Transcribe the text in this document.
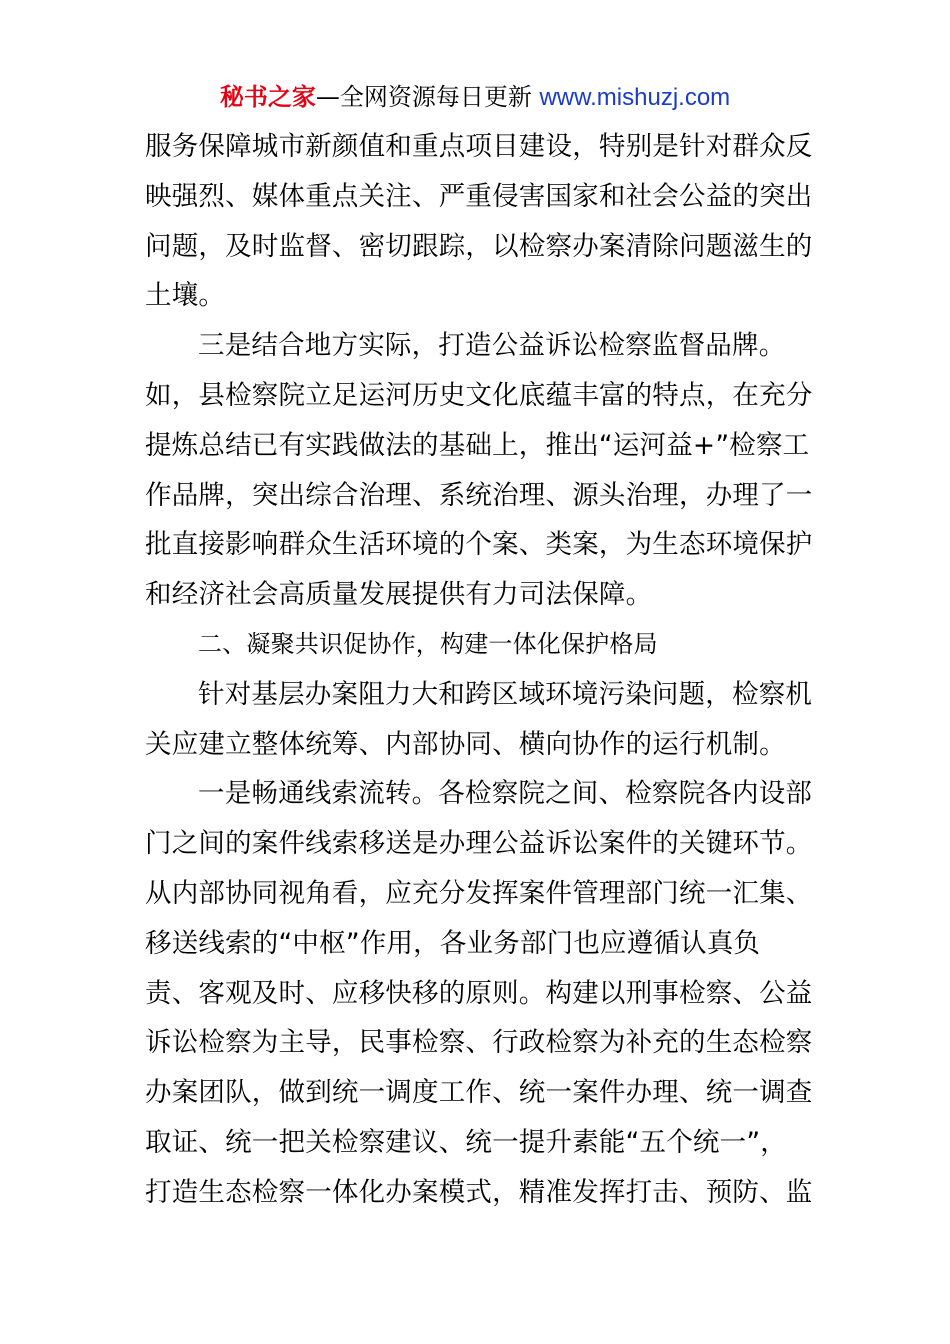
秘书之家—全网资源每日更新 www.mishuzj.com
服务保障城市新颜值和重点项目建设，特别是针对群众反
映强烈、媒体重点关注、严重侵害国家和社会公益的突出
问题，及时监督、密切跟踪，以检察办案清除问题滋生的
土壤。
三是结合地方实际，打造公益诉讼检察监督品牌。
如，县检察院立足运河历史文化底蕴丰富的特点，在充分
提炼总结已有实践做法的基础上，推出“运河益+”检察工
作品牌，突出综合治理、系统治理、源头治理，办理了一
批直接影响群众生活环境的个案、类案，为生态环境保护
和经济社会高质量发展提供有力司法保障。
二、凝聚共识促协作，构建一体化保护格局
针对基层办案阻力大和跨区域环境污染问题，检察机
关应建立整体统筹、内部协同、横向协作的运行机制。
一是畅通线索流转。各检察院之间、检察院各内设部
门之间的案件线索移送是办理公益诉讼案件的关键环节。
从内部协同视角看，应充分发挥案件管理部门统一汇集、
移送线索的“中枢”作用，各业务部门也应遵循认真负
责、客观及时、应移快移的原则。构建以刑事检察、公益
诉讼检察为主导，民事检察、行政检察为补充的生态检察
办案团队，做到统一调度工作、统一案件办理、统一调查
取证、统一把关检察建议、统一提升素能“五个统一”，
打造生态检察一体化办案模式，精准发挥打击、预防、监
